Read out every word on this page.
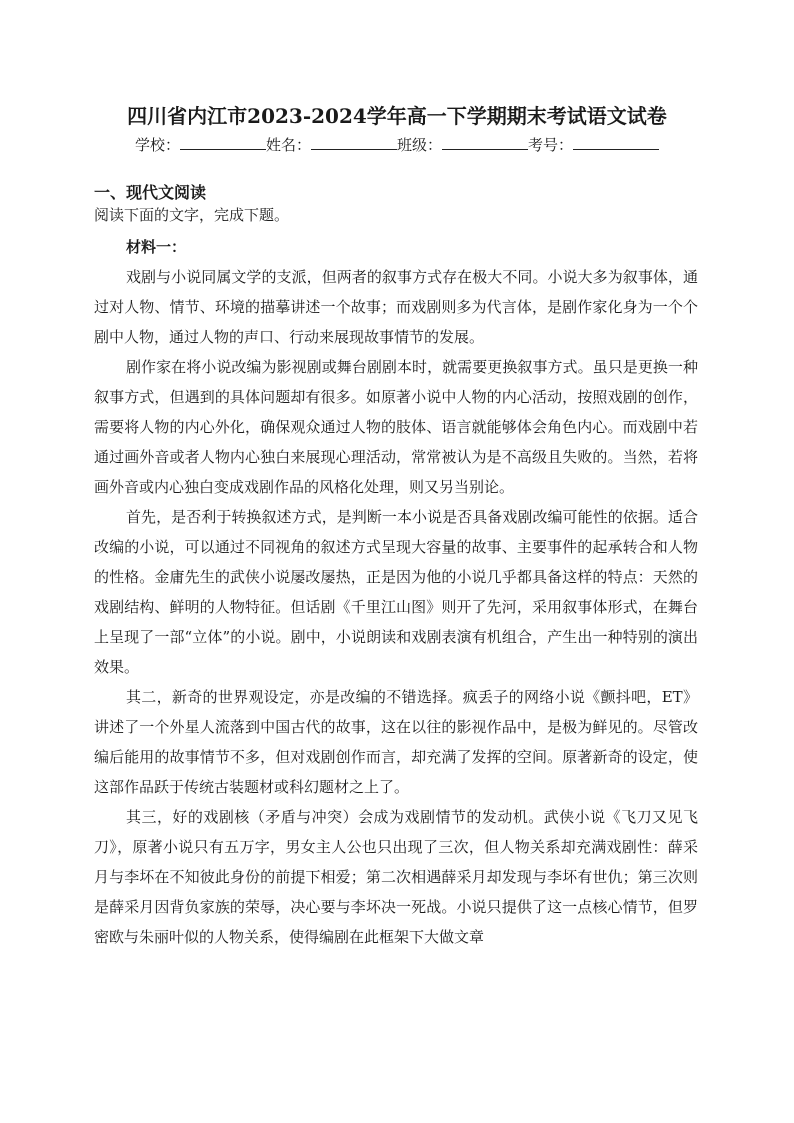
四川省内江市2023-2024学年高一下学期期末考试语文试卷
学校：	姓名：	班级：	考号：
一、现代文阅读
阅读下面的文字，完成下题。
材料一：

戏剧与小说同属文学的支派，但两者的叙事方式存在极大不同。小说大多为叙事体，通过对人物、情节、环境的描摹讲述一个故事；而戏剧则多为代言体，是剧作家化身为一个个剧中人物，通过人物的声口、行动来展现故事情节的发展。

剧作家在将小说改编为影视剧或舞台剧剧本时，就需要更换叙事方式。虽只是更换一种叙事方式，但遇到的具体问题却有很多。如原著小说中人物的内心活动，按照戏剧的创作，需要将人物的内心外化，确保观众通过人物的肢体、语言就能够体会角色内心。而戏剧中若通过画外音或者人物内心独白来展现心理活动，常常被认为是不高级且失败的。当然，若将画外音或内心独白变成戏剧作品的风格化处理，则又另当别论。

首先，是否利于转换叙述方式，是判断一本小说是否具备戏剧改编可能性的依据。适合改编的小说，可以通过不同视角的叙述方式呈现大容量的故事、主要事件的起承转合和人物的性格。金庸先生的武侠小说屡改屡热，正是因为他的小说几乎都具备这样的特点：天然的戏剧结构、鲜明的人物特征。但话剧《千里江山图》则开了先河，采用叙事体形式，在舞台上呈现了一部“立体”的小说。剧中，小说朗读和戏剧表演有机组合，产生出一种特别的演出效果。

其二，新奇的世界观设定，亦是改编的不错选择。疯丢子的网络小说《颤抖吧，ET》讲述了一个外星人流落到中国古代的故事，这在以往的影视作品中，是极为鲜见的。尽管改编后能用的故事情节不多，但对戏剧创作而言，却充满了发挥的空间。原著新奇的设定，使这部作品跃于传统古装题材或科幻题材之上了。

其三，好的戏剧核（矛盾与冲突）会成为戏剧情节的发动机。武侠小说《飞刀又见飞刀》，原著小说只有五万字，男女主人公也只出现了三次，但人物关系却充满戏剧性：薛采月与李坏在不知彼此身份的前提下相爱；第二次相遇薛采月却发现与李坏有世仇；第三次则是薛采月因背负家族的荣辱，决心要与李坏决一死战。小说只提供了这一点核心情节，但罗密欧与朱丽叶似的人物关系，使得编剧在此框架下大做文章
